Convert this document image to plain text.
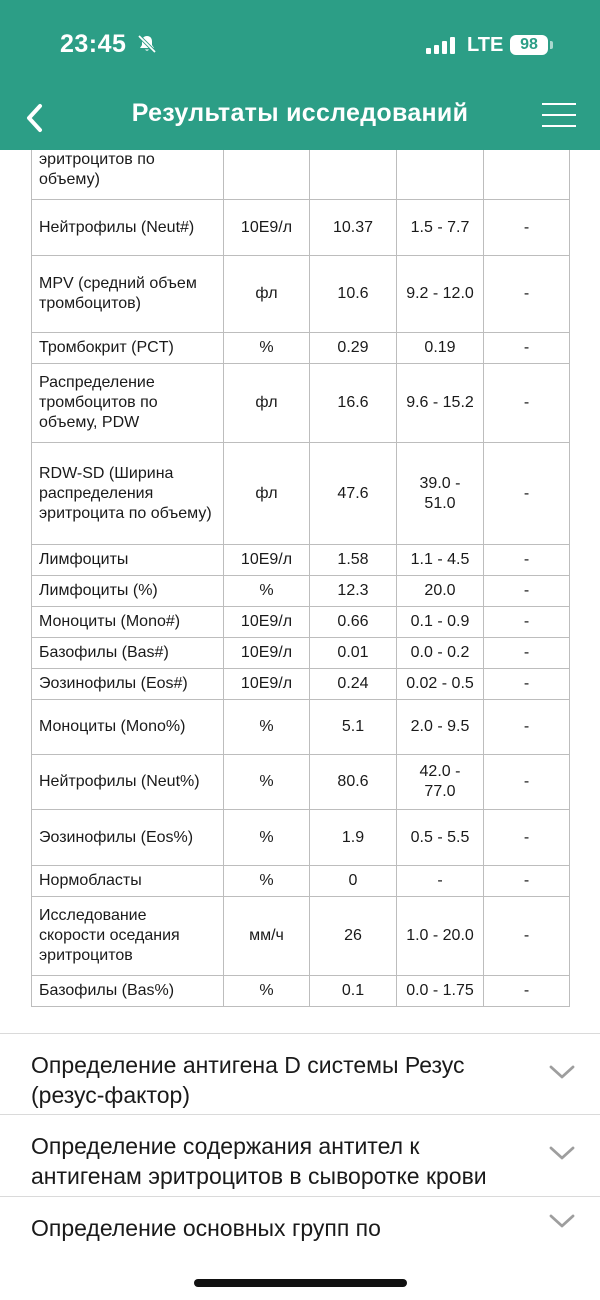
эритроцитов по
объему)				
Нейтрофилы (Neut#)	10Е9/л	10.37	1.5 - 7.7	-
MPV (средний объем тромбоцитов)	фл	10.6	9.2 - 12.0	-
Тромбокрит (PCT)	%	0.29	0.19	-
Распределение тромбоцитов по объему, PDW	фл	16.6	9.6 - 15.2	-
RDW-SD (Ширина распределения эритроцита по объему)	фл	47.6	39.0 - 51.0	-
Лимфоциты	10Е9/л	1.58	1.1 - 4.5	-
Лимфоциты (%)	%	12.3	20.0	-
Моноциты (Mono#)	10Е9/л	0.66	0.1 - 0.9	-
Базофилы (Bas#)	10Е9/л	0.01	0.0 - 0.2	-
Эозинофилы (Eos#)	10Е9/л	0.24	0.02 - 0.5	-
Моноциты (Mono%)	%	5.1	2.0 - 9.5	-
Нейтрофилы (Neut%)	%	80.6	42.0 - 77.0	-
Эозинофилы (Eos%)	%	1.9	0.5 - 5.5	-
Нормобласты	%	0	-	-
Исследование скорости оседания эритроцитов	мм/ч	26	1.0 - 20.0	-
Базофилы (Bas%)	%	0.1	0.0 - 1.75	-
23:45	LTE	98
Результаты исследований
Определение антигена D системы Резус (резус-фактор)
Определение содержания антител к антигенам эритроцитов в сыворотке крови
Определение основных групп по
